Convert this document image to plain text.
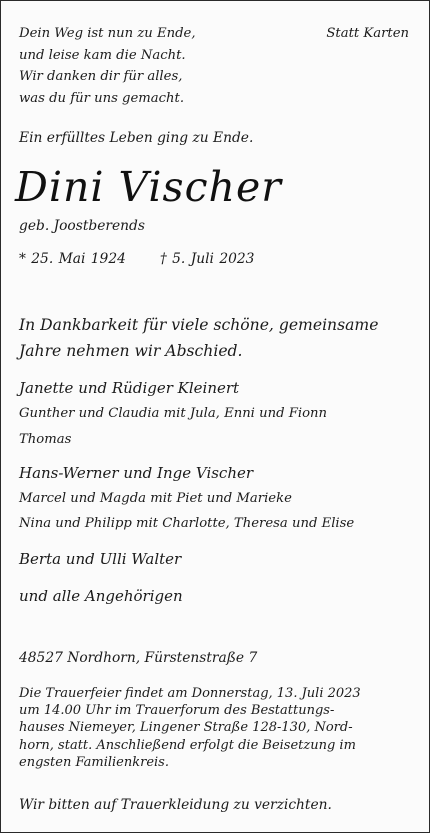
Dein Weg ist nun zu Ende,
und leise kam die Nacht.
Wir danken dir für alles,
was du für uns gemacht.
Statt Karten
Ein erfülltes Leben ging zu Ende.
Dini Vischer
geb. Joostberends
* 25. Mai 1924 † 5. Juli 2023
In Dankbarkeit für viele schöne, gemeinsame
Jahre nehmen wir Abschied.
Janette und Rüdiger Kleinert
Gunther und Claudia mit Jula, Enni und Fionn
Thomas
Hans-Werner und Inge Vischer
Marcel und Magda mit Piet und Marieke
Nina und Philipp mit Charlotte, Theresa und Elise
Berta und Ulli Walter
und alle Angehörigen
48527 Nordhorn, Fürstenstraße 7
Die Trauerfeier findet am Donnerstag, 13. Juli 2023
um 14.00 Uhr im Trauerforum des Bestattungs-
hauses Niemeyer, Lingener Straße 128-130, Nord-
horn, statt. Anschließend erfolgt die Beisetzung im
engsten Familienkreis.
Wir bitten auf Trauerkleidung zu verzichten.
